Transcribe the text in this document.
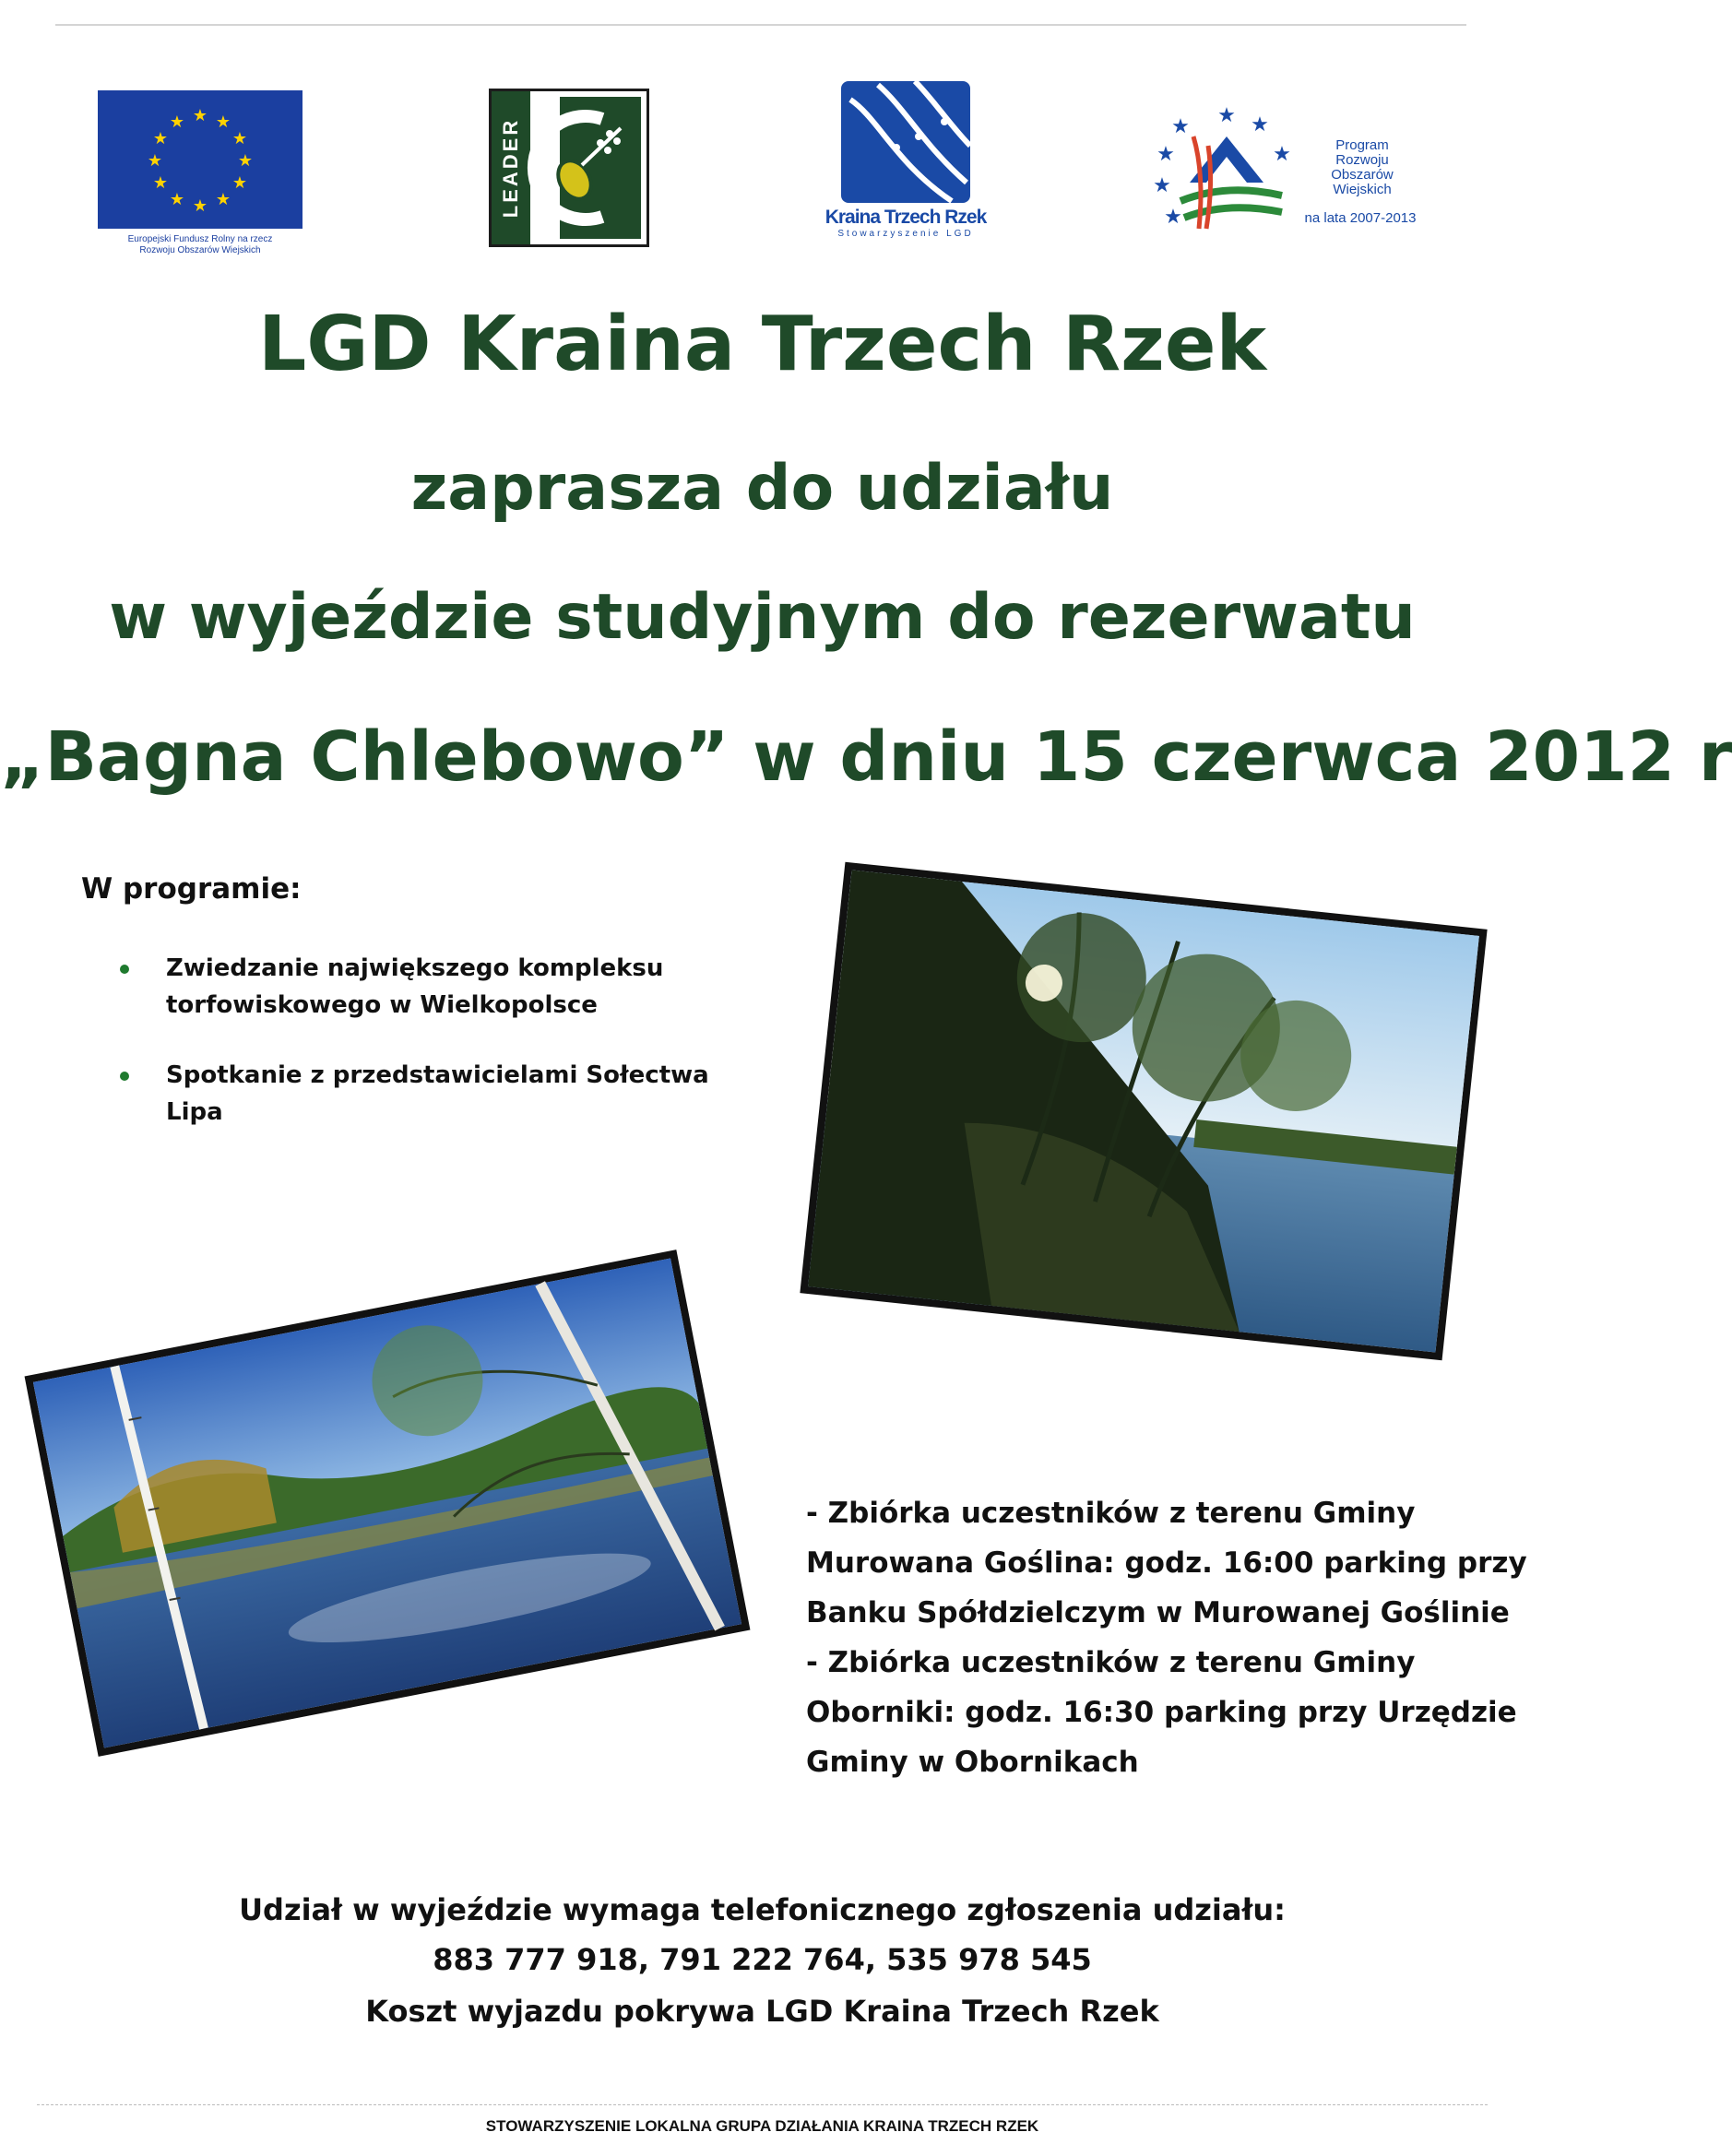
★ ★
★
★
★
★
★
★
★
★
★
★
Europejski Fundusz Rolny na rzecz
Rozwoju Obszarów Wiejskich
LEADER	Kraina Trzech Rzek
Stowarzyszenie LGD
★
★
★
★
★ ★
★	Program
Rozwoju
Obszarów
Wiejskich
na lata 2007-2013
LGD Kraina Trzech Rzek
zaprasza do udziału
w wyjeździe studyjnym do rezerwatu
„Bagna Chlebowo” w dniu 15 czerwca 2012 r
W programie:
Zwiedzanie największego kompleksu torfowiskowego w Wielkopolsce
Spotkanie z przedstawicielami Sołectwa Lipa
- Zbiórka uczestników z terenu Gminy
Murowana Goślina: godz. 16:00 parking przy
Banku Spółdzielczym w Murowanej Goślinie
- Zbiórka uczestników z terenu Gminy
Oborniki: godz. 16:30 parking przy Urzędzie
Gminy w Obornikach
Udział w wyjeździe wymaga telefonicznego zgłoszenia udziału:
883 777 918, 791 222 764, 535 978 545
Koszt wyjazdu pokrywa LGD Kraina Trzech Rzek
STOWARZYSZENIE LOKALNA GRUPA DZIAŁANIA KRAINA TRZECH RZEK
